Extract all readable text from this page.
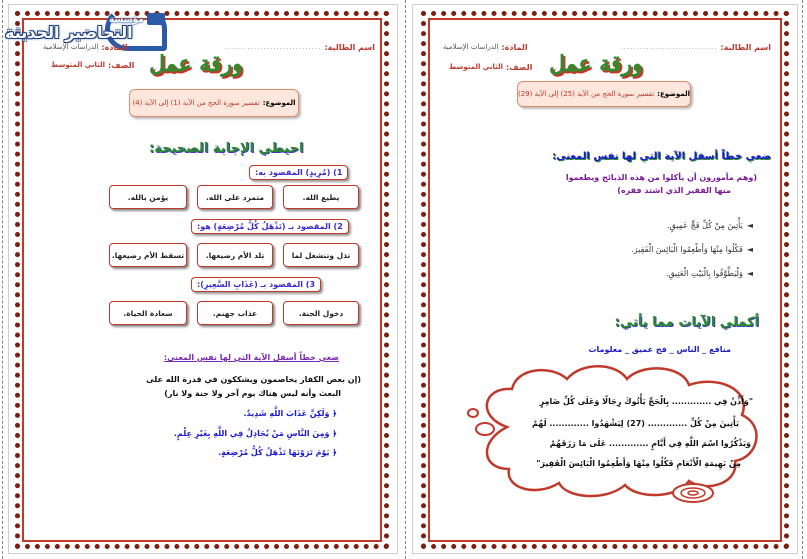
مؤسسة
التحاضير الحديثة
اسم الطالبة:
..............................
المادة:
الدراسات الإسلامية
الصف:
الثاني المتوسط ورقة عمل
الموضوع:
تفسير سورة الحج من الآية (1) إلى الآية (4)
احيطي الإجابة الصحيحة:
1) (مُرِيدٍ) المقصود به:
يطيع الله.
متمرد على الله.
يؤمن بالله.
2) المقصود بـ (تَذْهَلُ كُلُّ مُرْضِعَةٍ) هو:
تذل وتنشغل لما
تلد الأم رضيعها.
تسقط الأم رضيعها.
3) المقصود بـ (عَذَابِ السَّعِيرِ):
دخول الجنة.
عذاب جهنم.
سعادة الحياة.
ضعي خطاً أسفل الآية التي لها نفس المعنى:
(إن بعض الكفار يخاصمون ويشككون في قدرة الله على
البعث وأنه ليس هناك يوم آخر ولا جنة ولا نار)
﴿ وَلَكِنَّ عَذَابَ اللَّهِ شَدِيدٌ.
﴿ وَمِنَ النَّاسِ مَنْ يُجَادِلُ فِي اللَّهِ بِغَيْرِ عِلْمٍ.
﴿ يَوْمَ تَرَوْنَهَا تَذْهَلُ كُلُّ مُرْضِعَةٍ.
اسم الطالبة:
..............................
المادة:
الدراسات الإسلامية
الصف:
الثاني المتوسط ورقة عمل
الموضوع:
تفسير سورة الحج من الآية (25) إلى الآية (29)
ضعي خطاً أسفل الآية التي لها نفس المعنى:
(وهم مأمورون أن يأكلوا من هذه الذبائح ويطعموا
منها الفقير الذي اشتد فقره)
◄
يَأْتِينَ مِنْ كُلِّ فَجٍّ عَمِيقٍ.
◄
فَكُلُوا مِنْهَا وَأَطْعِمُوا الْبَائِسَ الْفَقِيرَ.
◄
وَلْيَطَّوَّفُوا بِالْبَيْتِ الْعَتِيقِ.
أكملي الآيات مما يأتي:
منافع _ الناس _ فج عميق _ معلومات
"وَأَذِّنْ فِي ............. بِالْحَجِّ يَأْتُوكَ رِجَالًا وَعَلَى كُلِّ ضَامِرٍ
يَأْتِينَ مِنْ كُلِّ ............. (27) لِيَشْهَدُوا ............. لَهُمْ
وَيَذْكُرُوا اسْمَ اللَّهِ فِي أَيَّامٍ ............. عَلَى مَا رَزَقَهُمْ
مِنْ بَهِيمَةِ الْأَنْعَامِ فَكُلُوا مِنْهَا وَأَطْعِمُوا الْبَائِسَ الْفَقِيرَ"
